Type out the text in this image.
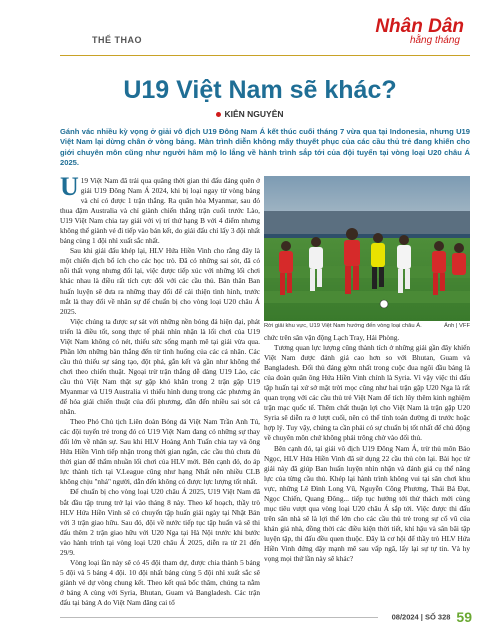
THỂ THAO
Nhân Dân
hằng tháng
U19 Việt Nam sẽ khác?
KIÊN NGUYÊN
Gánh vác nhiều kỳ vọng ở giải vô địch U19 Đông Nam Á kết thúc cuối tháng 7 vừa qua tại Indonesia, nhưng U19 Việt Nam lại dừng chân ở vòng bảng. Màn trình diễn không mấy thuyết phục của các cầu thủ trẻ đang khiến cho giới chuyên môn cũng như người hâm mộ lo lắng về hành trình sắp tới của đội tuyển tại vòng loại U20 châu Á 2025.

U 19 Việt Nam đã trải qua quãng thời gian thi đấu đáng quên ở giải U19 Đông Nam Á 2024, khi bị loại ngay từ vòng bảng và chỉ có được 1 trận thắng. Ra quân hòa Myanmar, sau đó thua đậm Australia và chỉ giành chiến thắng trận cuối trước Lào, U19 Việt Nam chia tay giải với vị trí thứ hạng B với 4 điểm nhưng không thể giành vé đi tiếp vào bán kết, do giải đấu chỉ lấy 3 đội nhất bảng cùng 1 đội nhì xuất sắc nhất.

Sau khi giải đấu khép lại, HLV Hứa Hiền Vinh cho rằng đây là một chiến dịch bổ ích cho các học trò. Đã có những sai sót, đã có nỗi thất vọng nhưng đổi lại, việc được tiếp xúc với những lối chơi khác nhau là điều rất tích cực đối với các cầu thủ. Bản thân Ban huấn luyện sẽ đưa ra những thay đổi để cải thiện tình hình, trước mắt là thay đổi về nhân sự để chuẩn bị cho vòng loại U20 châu Á 2025.

Việc chúng ta được sự sát với những nền bóng đá hiện đại, phát triển là điều tốt, song thực tế phải nhìn nhận là lối chơi của U19 Việt Nam không có nét, thiếu sức sống mạnh mẽ tại giải vừa qua. Phần lớn những bàn thắng đến từ tình huống của các cá nhân. Các cầu thủ thiếu sự sáng tạo, đột phá, gắn kết và gần như không thể chơi theo chiến thuật. Ngoại trừ trận thắng dễ dàng U19 Lào, các cầu thủ Việt Nam thật sự gặp khó khăn trong 2 trận gặp U19 Myanmar và U19 Australia vì thiếu hình dung trong các phương án để hóa giải chiến thuật của đối phương, dẫn đến nhiều sai sót cá nhân.

Theo Phó Chủ tịch Liên đoàn Bóng đá Việt Nam Trần Anh Tú, các đội tuyển trẻ trong đó có U19 Việt Nam đang có những sự thay đổi lớn về nhân sự. Sau khi HLV Hoàng Anh Tuấn chia tay và ông Hứa Hiền Vinh tiếp nhận trong thời gian ngắn, các cầu thủ chưa đủ thời gian để thẩm nhuần lối chơi của HLV mới. Bên cạnh đó, do áp lực thành tích tại V.League cũng như hạng Nhất nên nhiều CLB không chịu "nhả" người, dẫn đến không có được lực lượng tốt nhất.

Để chuẩn bị cho vòng loại U20 châu Á 2025, U19 Việt Nam đã bắt đầu tập trung trở lại vào tháng 8 này. Theo kế hoạch, thầy trò HLV Hứa Hiền Vinh sẽ có chuyến tập huấn giải ngày tại Nhật Bản với 3 trận giao hữu. Sau đó, đội về nước tiếp tục tập huấn và sẽ thi đấu thêm 2 trận giao hữu với U20 Nga tại Hà Nội trước khi bước vào hành trình tại vòng loại U20 châu Á 2025, diễn ra từ 21 đến 29/9.

Vòng loại lần này sẽ có 45 đội tham dự, được chia thành 5 bảng 5 đội và 5 bảng 4 đội. 10 đội nhất bảng cùng 5 đội nhì xuất sắc sẽ giành vé dự vòng chung kết. Theo kết quả bốc thăm, chúng ta nằm ở bảng A cùng với Syria, Bhutan, Guam và Bangladesh. Các trận đấu tại bảng A do Việt Nam đăng cai tổ

Rời giải khu vực, U19 Việt Nam hướng đến vòng loại châu Á.	Ảnh | VFF

chức trên sân vận động Lạch Tray, Hải Phòng.

Tương quan lực lượng cũng thành tích ở những giải gần đây khiến Việt Nam được đánh giá cao hơn so với Bhutan, Guam và Bangladesh. Đối thủ đáng gờm nhất trong cuộc đua ngôi đầu bảng là của đoàn quân ông Hứa Hiền Vinh chính là Syria. Vì vậy việc thi đấu tập huấn tại xứ sở mặt trời mọc cũng như hai trận gặp U20 Nga là rất quan trọng với các cầu thủ trẻ Việt Nam để tích lũy thêm kinh nghiệm trận mạc quốc tế. Thêm chất thuận lợi cho Việt Nam là trận gặp U20 Syria sẽ diễn ra ở lượt cuối, nên có thể tính toán đường đi trước hoặc hợp lý. Tuy vậy, chúng ta cần phải có sự chuẩn bị tốt nhất để chủ động về chuyên môn chứ không phải trông chờ vào đối thủ.

Bên cạnh đó, tại giải vô địch U19 Đông Nam Á, trừ thủ môn Bảo Ngọc, HLV Hứa Hiền Vinh đã sử dụng 22 cầu thủ còn lại. Bài học từ giải này đã giúp Ban huấn luyện nhìn nhận và đánh giá cụ thể năng lực của từng cầu thủ. Khép lại hành trình không vui tại sân chơi khu vực, những Lê Đình Long Vũ, Nguyễn Công Phương, Thái Bá Đạt, Ngọc Chiến, Quang Đông... tiếp tục hướng tới thử thách mới cùng mục tiêu vượt qua vòng loại U20 châu Á sắp tới. Việc được thi đấu trên sân nhà sẽ là lợi thế lớn cho các cầu thủ trẻ trong sự cổ vũ của khán giả nhà, đồng thời các điều kiện thời tiết, khí hậu và sân bãi tập luyện tập, thi đấu đều quen thuộc. Đây là cơ hội để thầy trò HLV Hứa Hiền Vinh đứng dậy mạnh mẽ sau vấp ngã, lấy lại sự tự tin. Và hy vọng mọi thứ lần này sẽ khác?

08/2024 | SỐ 328 59
